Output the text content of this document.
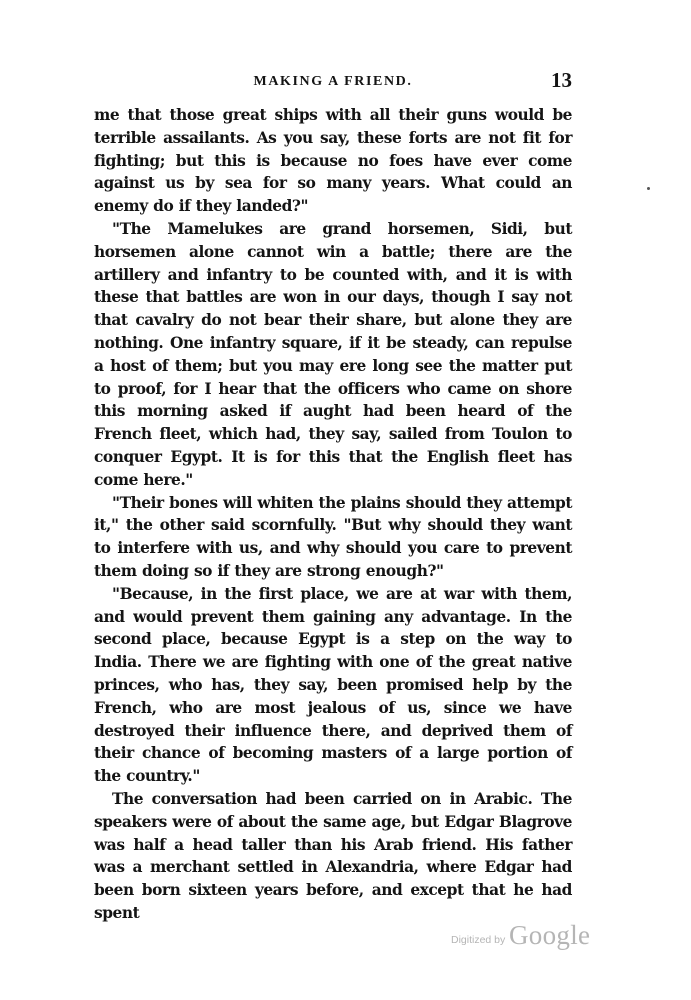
MAKING A FRIEND.	13

me that those great ships with all their guns would be terrible assailants. As you say, these forts are not fit for fighting; but this is because no foes have ever come against us by sea for so many years. What could an enemy do if they landed?"

"The Mamelukes are grand horsemen, Sidi, but horsemen alone cannot win a battle; there are the artillery and infantry to be counted with, and it is with these that battles are won in our days, though I say not that cavalry do not bear their share, but alone they are nothing. One infantry square, if it be steady, can repulse a host of them; but you may ere long see the matter put to proof, for I hear that the officers who came on shore this morning asked if aught had been heard of the French fleet, which had, they say, sailed from Toulon to conquer Egypt. It is for this that the English fleet has come here."

"Their bones will whiten the plains should they attempt it," the other said scornfully. "But why should they want to interfere with us, and why should you care to prevent them doing so if they are strong enough?"

"Because, in the first place, we are at war with them, and would prevent them gaining any advantage. In the second place, because Egypt is a step on the way to India. There we are fighting with one of the great native princes, who has, they say, been promised help by the French, who are most jealous of us, since we have destroyed their influence there, and deprived them of their chance of becoming masters of a large portion of the country."

The conversation had been carried on in Arabic. The speakers were of about the same age, but Edgar Blagrove was half a head taller than his Arab friend. His father was a merchant settled in Alexandria, where Edgar had been born sixteen years before, and except that he had spent

Digitized by Google
